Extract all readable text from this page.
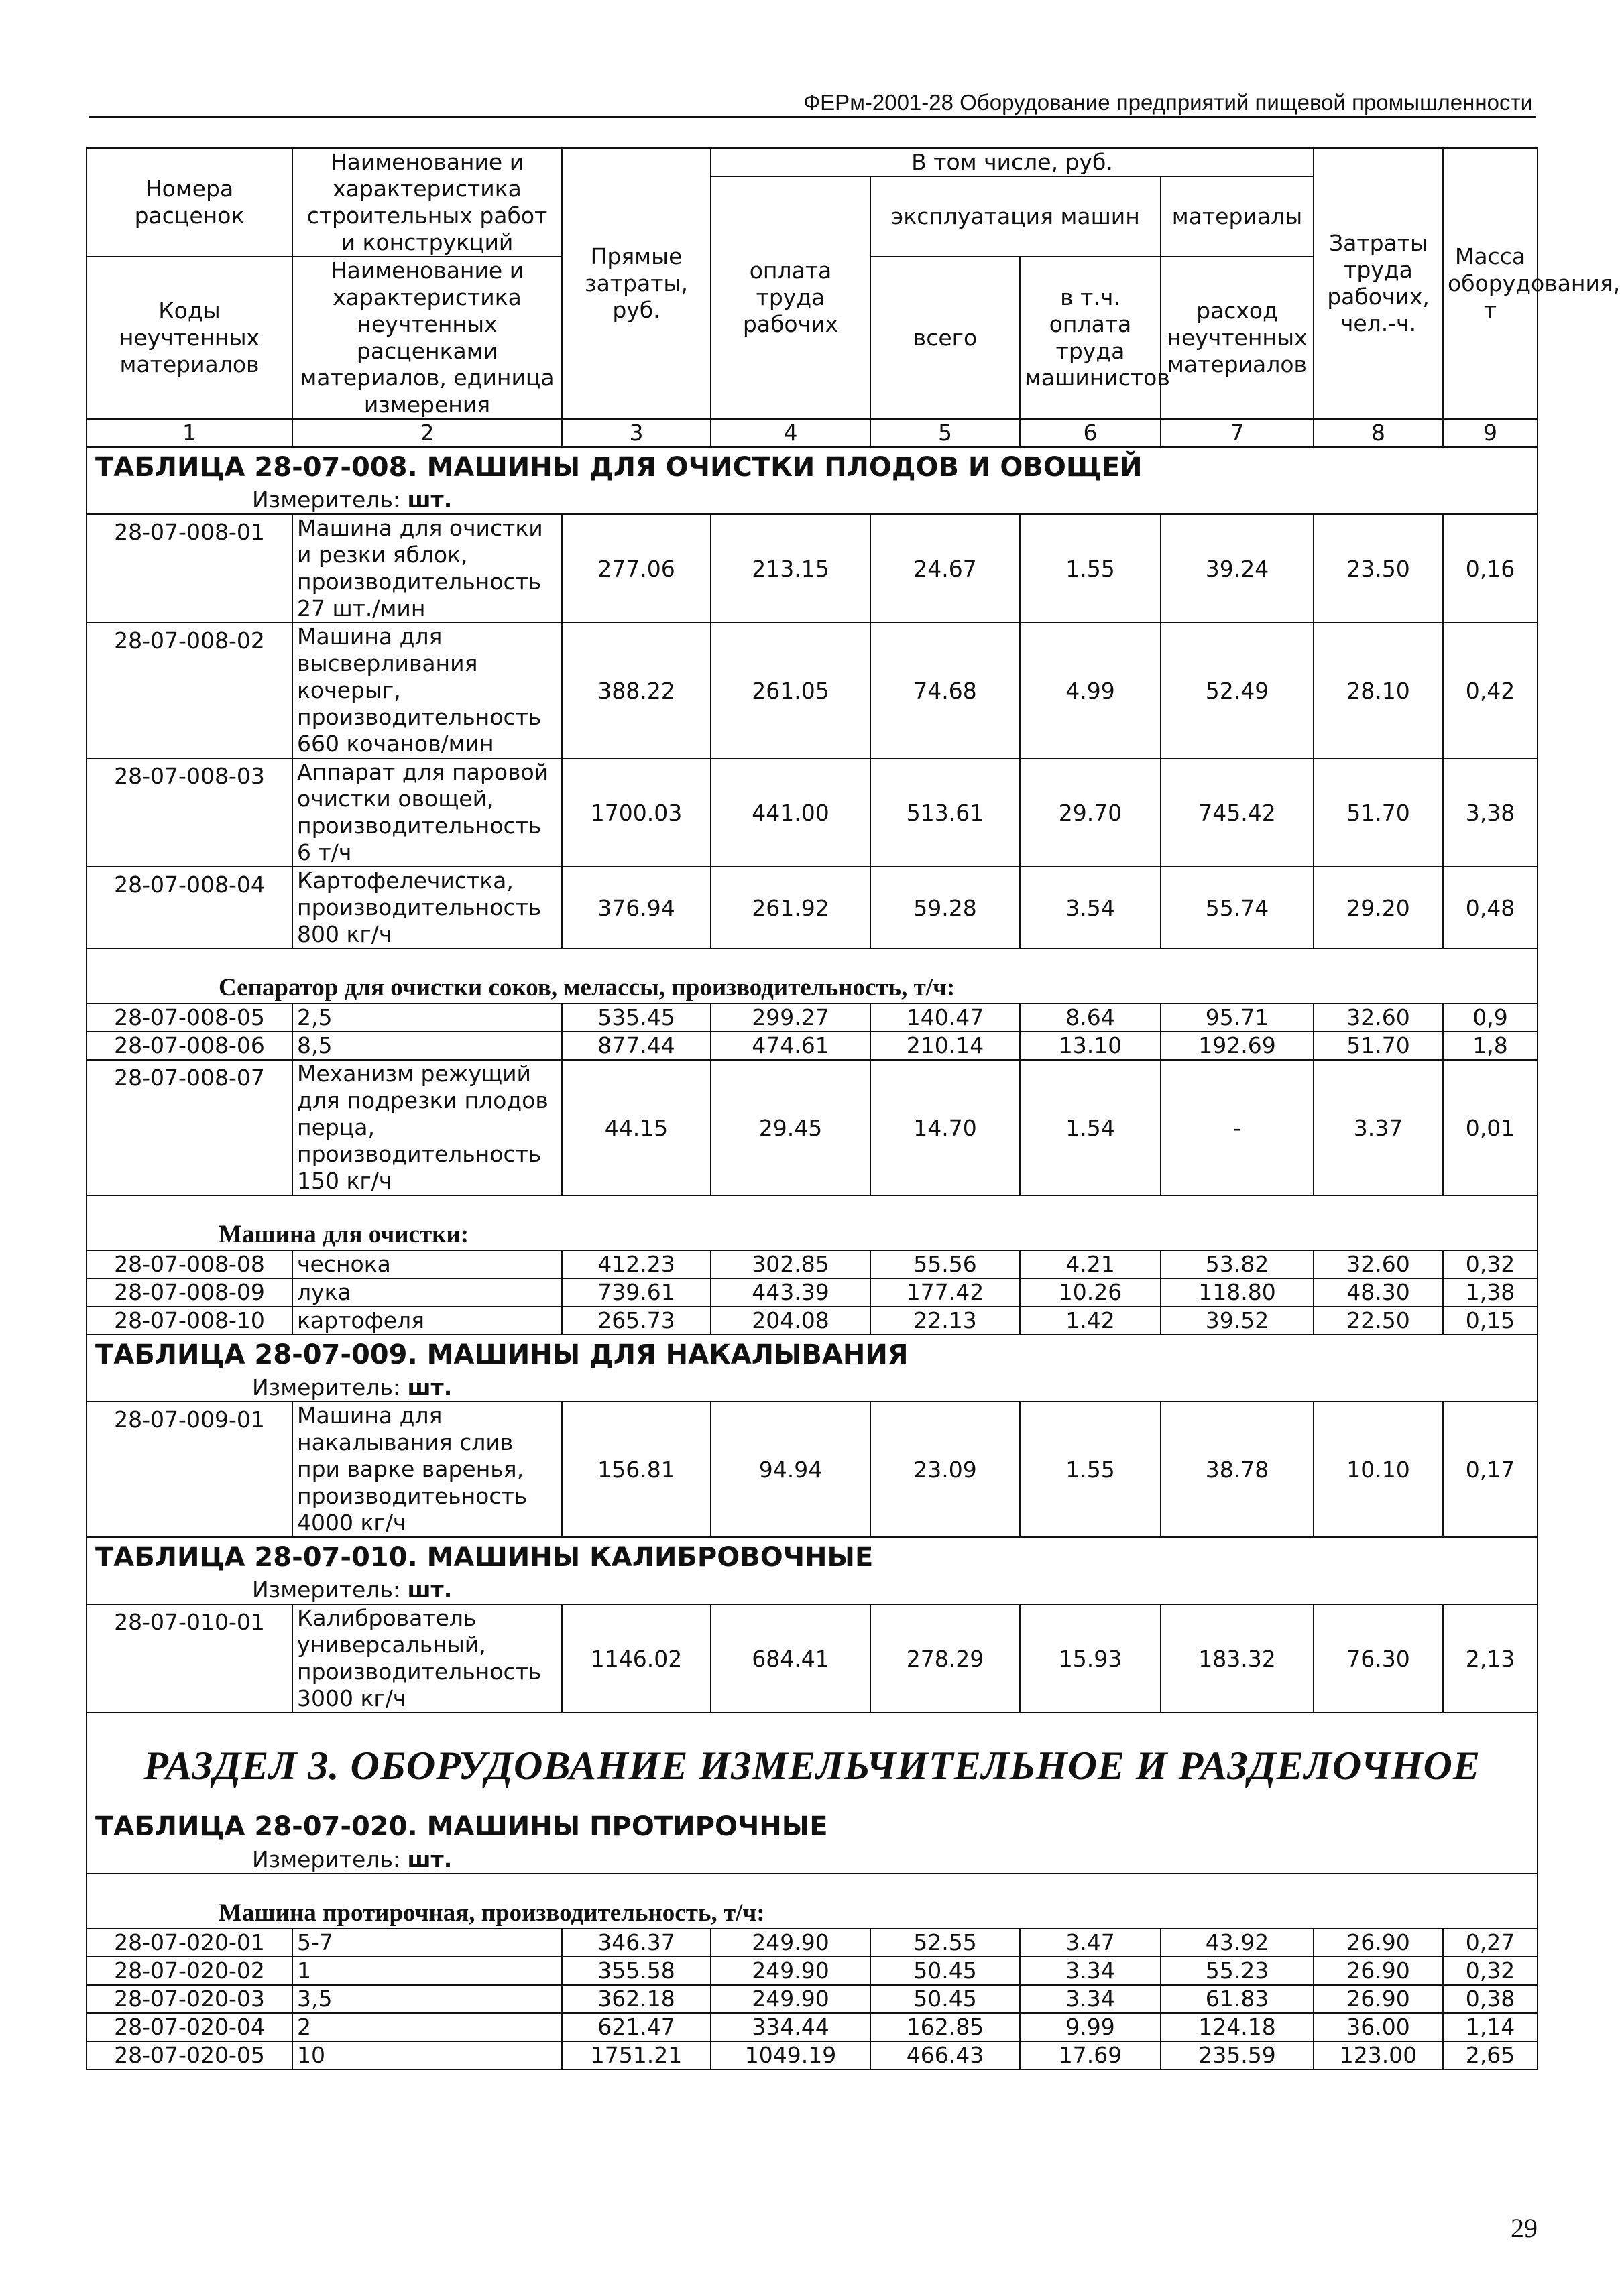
ФЕРм-2001-28 Оборудование предприятий пищевой промышленности
Номера расценок	Наименование и характеристика строительных работ и конструкций	Прямые затраты, руб.	В том числе, руб.				Затраты труда рабочих, чел.-ч.	Масса оборудования, т
			оплата труда рабочих	эксплуатация машин		материалы		
Коды неучтенных материалов	Наименование и характеристика неучтенных расценками материалов, единица измерения			всего	в т.ч. оплата труда машинистов	расход неучтенных материалов		
1	2	3	4	5	6	7	8	9

ТАБЛИЦА 28-07-008. МАШИНЫ ДЛЯ ОЧИСТКИ ПЛОДОВ И ОВОЩЕЙ
Измеритель: шт.								

28-07-008-01	Машина для очистки и резки яблок, производительность 27 шт./мин	277.06	213.15	24.67	1.55	39.24	23.50	0,16
28-07-008-02	Машина для высверливания кочерыг, производительность 660 кочанов/мин	388.22	261.05	74.68	4.99	52.49	28.10	0,42
28-07-008-03	Аппарат для паровой очистки овощей, производительность 6 т/ч	1700.03	441.00	513.61	29.70	745.42	51.70	3,38
28-07-008-04	Картофелечистка, производительность 800 кг/ч	376.94	261.92	59.28	3.54	55.74	29.20	0,48

Сепаратор для очистки соков, мелассы, производительность, т/ч:								

28-07-008-05	2,5	535.45	299.27	140.47	8.64	95.71	32.60	0,9
28-07-008-06	8,5	877.44	474.61	210.14	13.10	192.69	51.70	1,8
28-07-008-07	Механизм режущий для подрезки плодов перца, производительность 150 кг/ч	44.15	29.45	14.70	1.54	-	3.37	0,01

Машина для очистки:								

28-07-008-08	чеснока	412.23	302.85	55.56	4.21	53.82	32.60	0,32
28-07-008-09	лука	739.61	443.39	177.42	10.26	118.80	48.30	1,38
28-07-008-10	картофеля	265.73	204.08	22.13	1.42	39.52	22.50	0,15

ТАБЛИЦА 28-07-009. МАШИНЫ ДЛЯ НАКАЛЫВАНИЯ
Измеритель: шт.								

28-07-009-01	Машина для накалывания слив при варке варенья, производитеьность 4000 кг/ч	156.81	94.94	23.09	1.55	38.78	10.10	0,17

ТАБЛИЦА 28-07-010. МАШИНЫ КАЛИБРОВОЧНЫЕ
Измеритель: шт.								

28-07-010-01	Калиброватель универсальный, производительность 3000 кг/ч	1146.02	684.41	278.29	15.93	183.32	76.30	2,13

РАЗДЕЛ 3. ОБОРУДОВАНИЕ ИЗМЕЛЬЧИТЕЛЬНОЕ И РАЗДЕЛОЧНОЕ
ТАБЛИЦА 28-07-020. МАШИНЫ ПРОТИРОЧНЫЕ
Измеритель: шт.								

Машина протирочная, производительность, т/ч:								

28-07-020-01	5-7	346.37	249.90	52.55	3.47	43.92	26.90	0,27
28-07-020-02	1	355.58	249.90	50.45	3.34	55.23	26.90	0,32
28-07-020-03	3,5	362.18	249.90	50.45	3.34	61.83	26.90	0,38
28-07-020-04	2	621.47	334.44	162.85	9.99	124.18	36.00	1,14
28-07-020-05	10	1751.21	1049.19	466.43	17.69	235.59	123.00	2,65
29
